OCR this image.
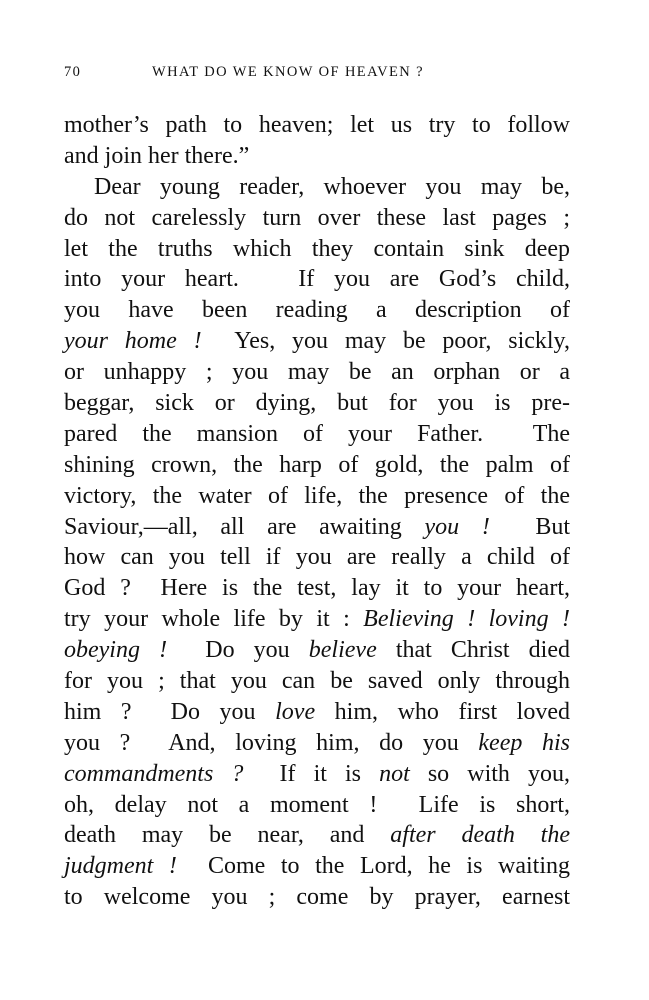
70	WHAT DO WE KNOW OF HEAVEN ?
mother’s path to heaven; let us try to follow
and join her there.”
Dear young reader, whoever you may be,
do not carelessly turn over these last pages ;
let the truths which they contain sink deep
into your heart.   If you are God’s child,
you have been reading a description of
your home !  Yes, you may be poor, sickly,
or unhappy ; you may be an orphan or a
beggar, sick or dying, but for you is pre-
pared the mansion of your Father.  The
shining crown, the harp of gold, the palm of
victory, the water of life, the presence of the
Saviour,—all, all are awaiting you !  But
how can you tell if you are really a child of
God ?  Here is the test, lay it to your heart,
try your whole life by it : Believing ! loving !
obeying !  Do you believe that Christ died
for you ; that you can be saved only through
him ?  Do you love him, who first loved
you ?  And, loving him, do you keep his
commandments ?  If it is not so with you,
oh, delay not a moment !  Life is short,
death may be near, and after death the
judgment !  Come to the Lord, he is waiting
to welcome you ; come by prayer, earnest
